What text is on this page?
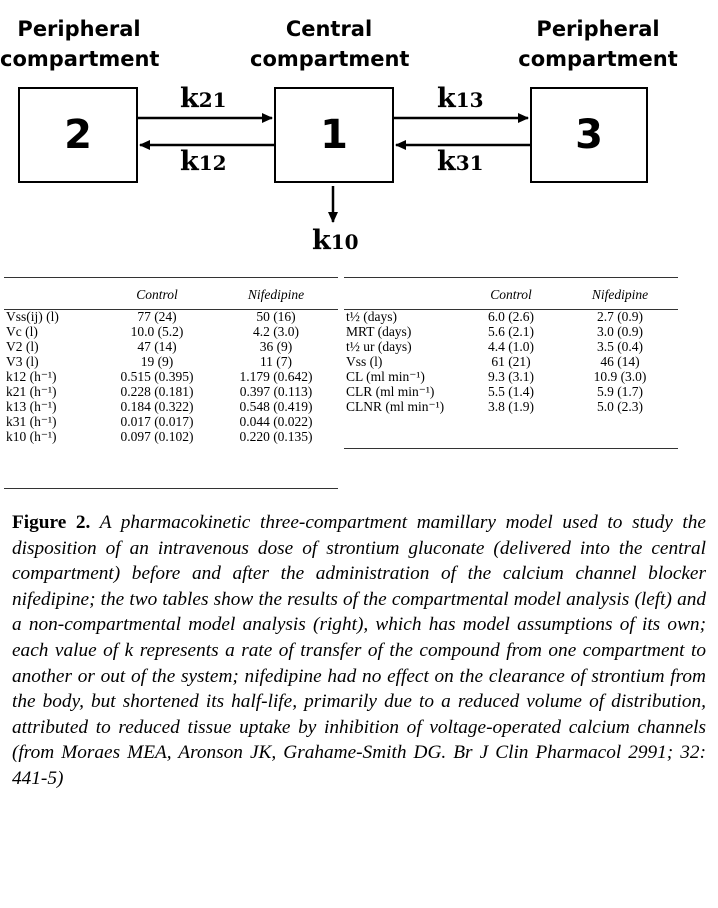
Peripheral
compartment
Central
compartment
Peripheral
compartment
2	1	3
k21
k12
k13
k31
k10
	Control	Nifedipine
Vss(ij) (l)	77 (24)	50 (16)
Vc (l)	10.0 (5.2)	4.2 (3.0)
V2 (l)	47 (14)	36 (9)
V3 (l)	19 (9)	11 (7)
k12 (h⁻¹)	0.515 (0.395)	1.179 (0.642)
k21 (h⁻¹)	0.228 (0.181)	0.397 (0.113)
k13 (h⁻¹)	0.184 (0.322)	0.548 (0.419)
k31 (h⁻¹)	0.017 (0.017)	0.044 (0.022)
k10 (h⁻¹)	0.097 (0.102)	0.220 (0.135)
	Control	Nifedipine
t½ (days)	6.0 (2.6)	2.7 (0.9)
MRT (days)	5.6 (2.1)	3.0 (0.9)
t½ ur (days)	4.4 (1.0)	3.5 (0.4)
Vss (l)	61 (21)	46 (14)
CL (ml min⁻¹)	9.3 (3.1)	10.9 (3.0)
CLR (ml min⁻¹)	5.5 (1.4)	5.9 (1.7)
CLNR (ml min⁻¹)	3.8 (1.9)	5.0 (2.3)
Figure 2. A pharmacokinetic three-compartment mamillary model used to study the disposition of an intravenous dose of strontium gluconate (delivered into the central compartment) before and after the administration of the calcium channel blocker nifedipine; the two tables show the results of the compartmental model analysis (left) and a non-compartmental model analysis (right), which has model assumptions of its own; each value of k represents a rate of transfer of the compound from one compartment to another or out of the system; nifedipine had no effect on the clearance of strontium from the body, but shortened its half-life, primarily due to a reduced volume of distribution, attributed to reduced tissue uptake by inhibition of voltage-operated calcium channels (from Moraes MEA, Aronson JK, Grahame-Smith DG. Br J Clin Pharmacol 2991; 32: 441-5)
